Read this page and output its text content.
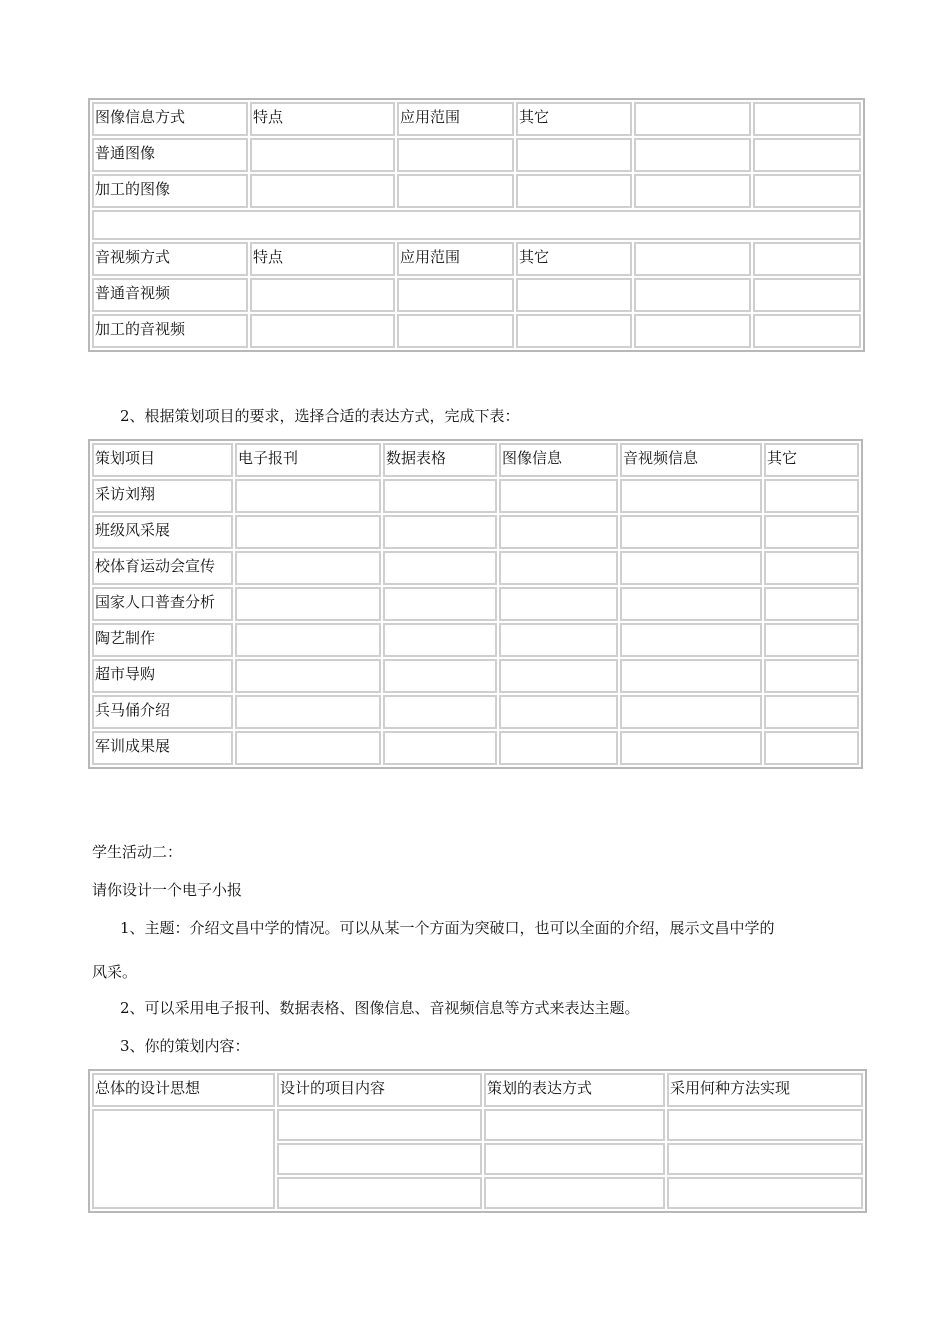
图像信息方式	特点	应用范围	其它		
普通图像					
加工的图像					

音视频方式	特点	应用范围	其它		
普通音视频					
加工的音视频					
2、根据策划项目的要求，选择合适的表达方式，完成下表：
策划项目	电子报刊	数据表格	图像信息	音视频信息	其它
采访刘翔					
班级风采展					
校体育运动会宣传					
国家人口普查分析					
陶艺制作					
超市导购					
兵马俑介绍					
军训成果展					
学生活动二：
请你设计一个电子小报
1、主题：介绍文昌中学的情况。可以从某一个方面为突破口，也可以全面的介绍，展示文昌中学的
风采。
2、可以采用电子报刊、数据表格、图像信息、音视频信息等方式来表达主题。
3、你的策划内容：
总体的设计思想	设计的项目内容	策划的表达方式	采用何种方法实现
